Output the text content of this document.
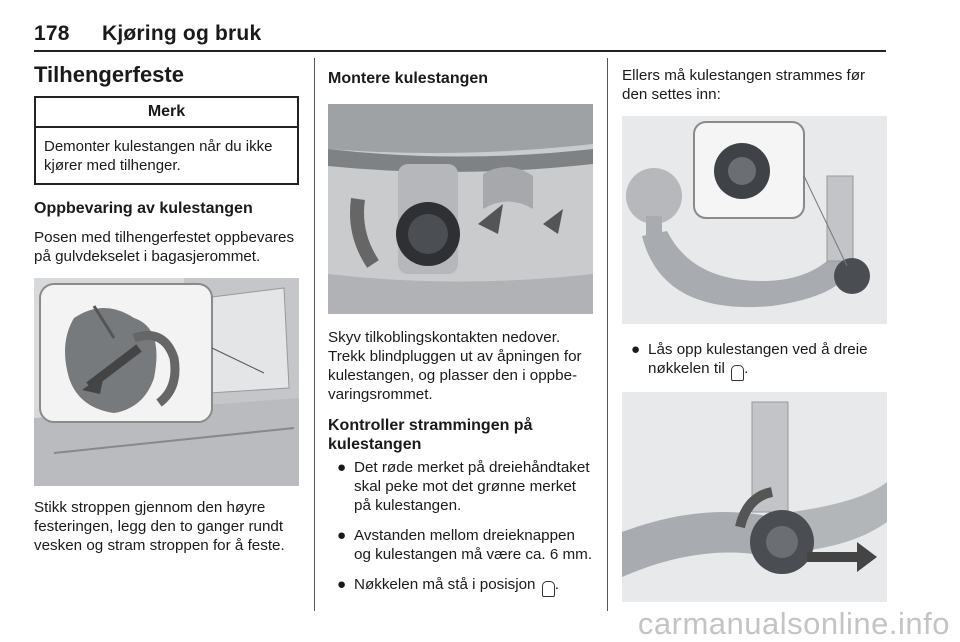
178 Kjøring og bruk
Tilhengerfeste
Merk
Demonter kulestangen når du ikke kjører med tilhenger.
Oppbevaring av kulestangen

Posen med tilhengerfestet oppbevares på gulvdekselet i bagasjerommet.

Stikk stroppen gjennom den høyre festeringen, legg den to ganger rundt vesken og stram stroppen for å feste.

Montere kulestangen

Skyv tilkoblingskontakten nedover. Trekk blindpluggen ut av åpningen for kulestangen, og plasser den i oppbevaringsrommet.

Kontroller strammingen på kulestangen
● Det røde merket på dreiehåndtaket skal peke mot det grønne merket på kulestangen.
● Avstanden mellom dreieknappen og kulestangen må være ca. 6 mm.
● Nøkkelen må stå i posisjon .

Ellers må kulestangen strammes før den settes inn:

● Lås opp kulestangen ved å dreie nøkkelen til .
carmanualsonline.info
